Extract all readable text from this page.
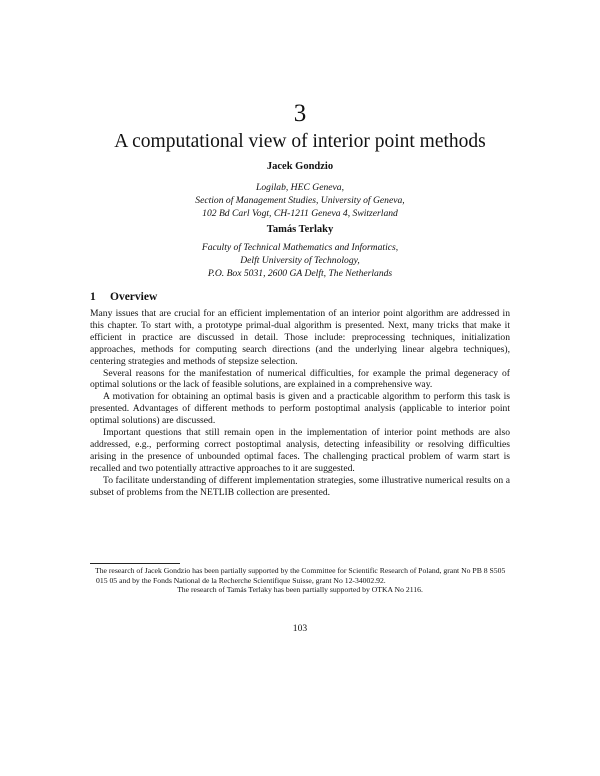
3
A computational view of interior point methods
Jacek Gondzio
Logilab, HEC Geneva,
Section of Management Studies, University of Geneva,
102 Bd Carl Vogt, CH-1211 Geneva 4, Switzerland
Tamás Terlaky
Faculty of Technical Mathematics and Informatics,
Delft University of Technology,
P.O. Box 5031, 2600 GA Delft, The Netherlands
1 Overview

Many issues that are crucial for an efficient implementation of an interior point algorithm are addressed in this chapter. To start with, a prototype primal-dual algorithm is presented. Next, many tricks that make it efficient in practice are discussed in detail. Those include: preprocessing techniques, initialization approaches, methods for computing search directions (and the underlying linear algebra techniques), centering strategies and methods of stepsize selection.

Several reasons for the manifestation of numerical difficulties, for example the primal degeneracy of optimal solutions or the lack of feasible solutions, are explained in a comprehensive way.

A motivation for obtaining an optimal basis is given and a practicable algorithm to perform this task is presented. Advantages of different methods to perform postoptimal analysis (applicable to interior point optimal solutions) are discussed.

Important questions that still remain open in the implementation of interior point methods are also addressed, e.g., performing correct postoptimal analysis, detecting infeasibility or resolving difficulties arising in the presence of unbounded optimal faces. The challenging practical problem of warm start is recalled and two potentially attractive approaches to it are suggested.

To facilitate understanding of different implementation strategies, some illustrative numerical results on a subset of problems from the NETLIB collection are presented.

The research of Jacek Gondzio has been partially supported by the Committee for Scientific Research of Poland, grant No PB 8 S505 015 05 and by the Fonds National de la Recherche Scientifique Suisse, grant No 12-34002.92.

The research of Tamás Terlaky has been partially supported by OTKA No 2116.

103
